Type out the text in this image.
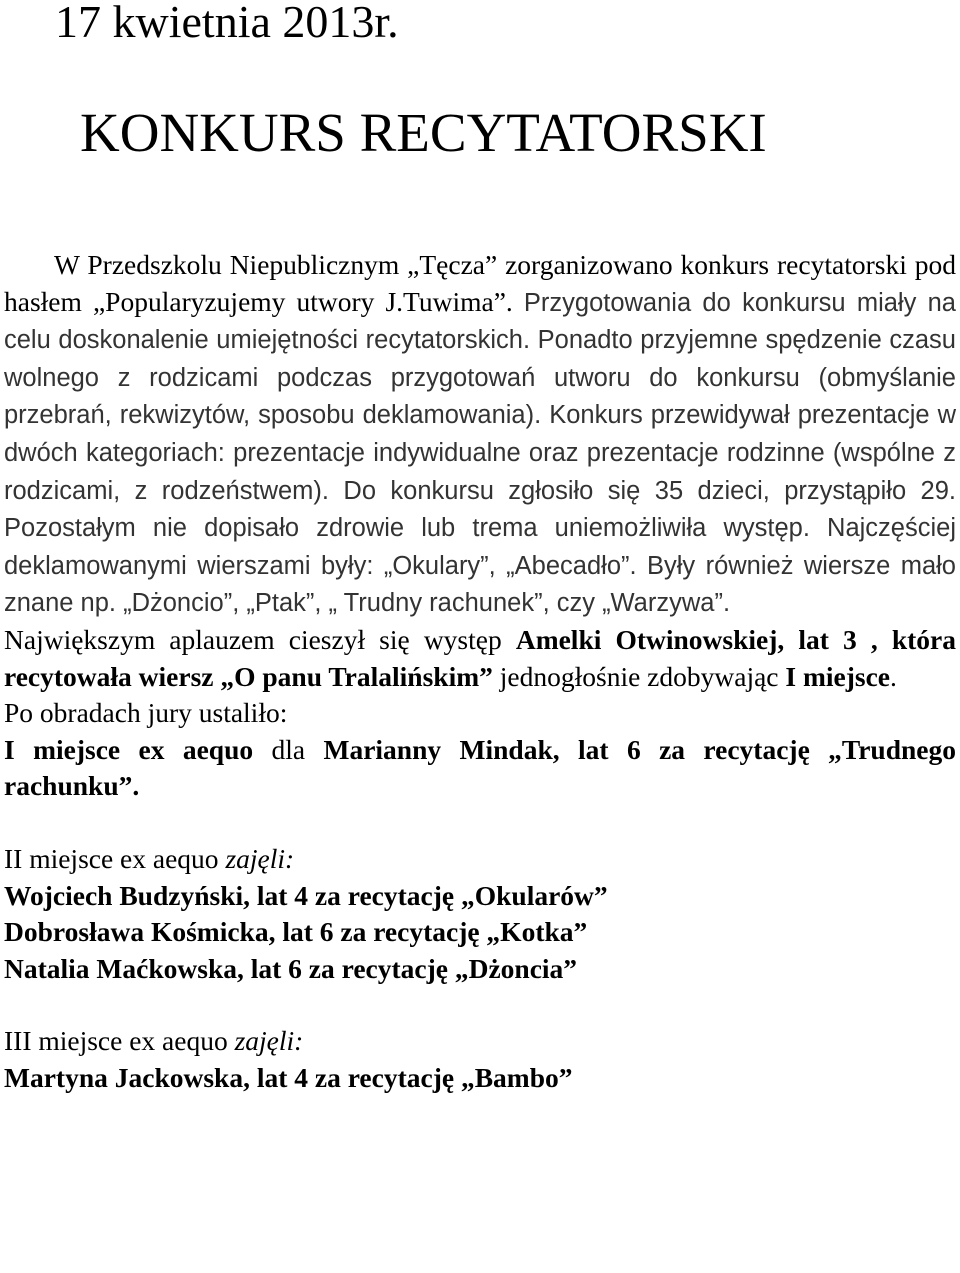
17 kwietnia 2013r.
KONKURS RECYTATORSKI

W Przedszkolu Niepublicznym „Tęcza” zorganizowano konkurs recytatorski pod hasłem „Popularyzujemy utwory J.Tuwima”. Przygotowania do konkursu miały na celu doskonalenie umiejętności recytatorskich. Ponadto przyjemne spędzenie czasu wolnego z rodzicami podczas przygotowań utworu do konkursu (obmyślanie przebrań, rekwizytów, sposobu deklamowania). Konkurs przewidywał prezentacje w dwóch kategoriach: prezentacje indywidualne oraz prezentacje rodzinne (wspólne z rodzicami, z rodzeństwem). Do konkursu zgłosiło się 35 dzieci, przystąpiło 29. Pozostałym nie dopisało zdrowie lub trema uniemożliwiła występ. Najczęściej deklamowanymi wierszami były: „Okulary”, „Abecadło”. Były również wiersze mało znane np. „Dżoncio”, „Ptak”, „ Trudny rachunek”, czy „Warzywa”.

Największym aplauzem cieszył się występ Amelki Otwinowskiej, lat 3 , która recytowała wiersz „O panu Tralalińskim” jednogłośnie zdobywając I miejsce.

Po obradach jury ustaliło:

I miejsce ex aequo dla Marianny Mindak, lat 6 za recytację „Trudnego rachunku”.

II miejsce ex aequo zajęli:

Wojciech Budzyński, lat 4 za recytację „Okularów”

Dobrosława Kośmicka, lat 6 za recytację „Kotka”

Natalia Maćkowska, lat 6 za recytację „Dżoncia”

III miejsce ex aequo zajęli:

Martyna Jackowska, lat 4 za recytację „Bambo”
